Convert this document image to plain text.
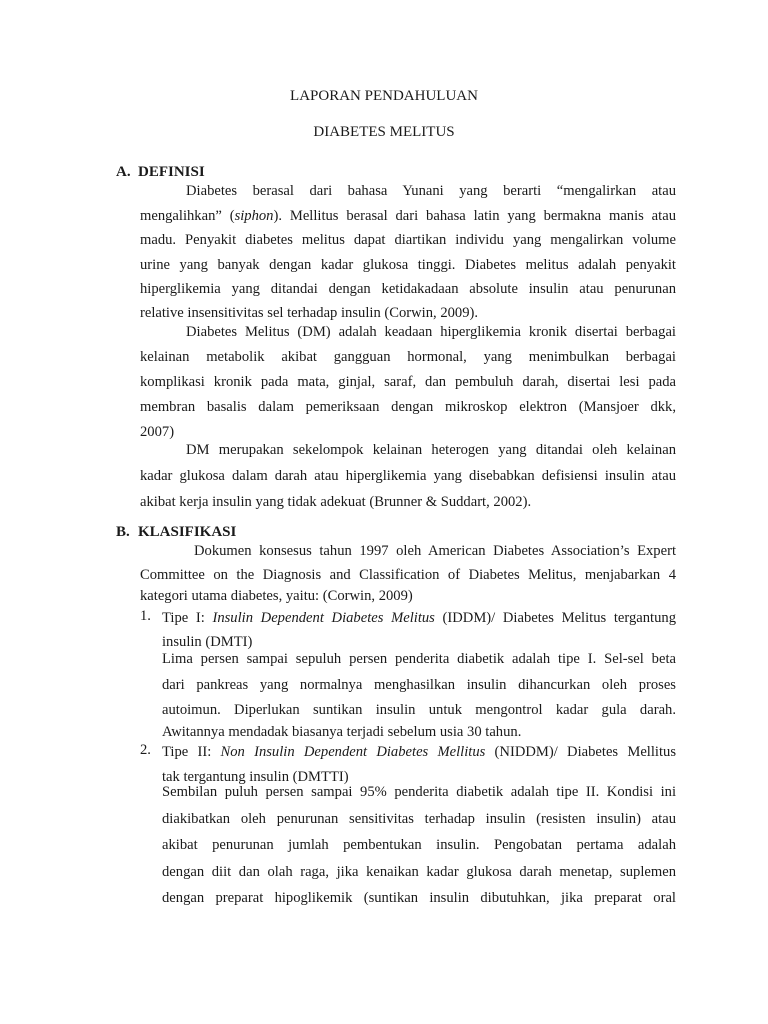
LAPORAN PENDAHULUAN
DIABETES MELITUS
A. DEFINISI
Diabetes berasal dari bahasa Yunani yang berarti “mengalirkan atau
mengalihkan” (siphon). Mellitus berasal dari bahasa latin yang bermakna manis atau
madu. Penyakit diabetes melitus dapat diartikan individu yang mengalirkan volume
urine yang banyak dengan kadar glukosa tinggi. Diabetes melitus adalah penyakit
hiperglikemia yang ditandai dengan ketidakadaan absolute insulin atau penurunan
relative insensitivitas sel terhadap insulin (Corwin, 2009).
Diabetes Melitus (DM) adalah keadaan hiperglikemia kronik disertai berbagai
kelainan metabolik akibat gangguan hormonal, yang menimbulkan berbagai
komplikasi kronik pada mata, ginjal, saraf, dan pembuluh darah, disertai lesi pada
membran basalis dalam pemeriksaan dengan mikroskop elektron (Mansjoer dkk,
2007)
DM merupakan sekelompok kelainan heterogen yang ditandai oleh kelainan
kadar glukosa dalam darah atau hiperglikemia yang disebabkan defisiensi insulin atau
akibat kerja insulin yang tidak adekuat (Brunner & Suddart, 2002).
B. KLASIFIKASI
Dokumen konsesus tahun 1997 oleh American Diabetes Association’s Expert
Committee on the Diagnosis and Classification of Diabetes Melitus, menjabarkan 4
kategori utama diabetes, yaitu: (Corwin, 2009)
1. Tipe I: Insulin Dependent Diabetes Melitus (IDDM)/ Diabetes Melitus tergantung
insulin (DMTI)
Lima persen sampai sepuluh persen penderita diabetik adalah tipe I. Sel-sel beta
dari pankreas yang normalnya menghasilkan insulin dihancurkan oleh proses
autoimun. Diperlukan suntikan insulin untuk mengontrol kadar gula darah.
Awitannya mendadak biasanya terjadi sebelum usia 30 tahun.
2. Tipe II: Non Insulin Dependent Diabetes Mellitus (NIDDM)/ Diabetes Mellitus
tak tergantung insulin (DMTTI)
Sembilan puluh persen sampai 95% penderita diabetik adalah tipe II. Kondisi ini
diakibatkan oleh penurunan sensitivitas terhadap insulin (resisten insulin) atau
akibat penurunan jumlah pembentukan insulin. Pengobatan pertama adalah
dengan diit dan olah raga, jika kenaikan kadar glukosa darah menetap, suplemen
dengan preparat hipoglikemik (suntikan insulin dibutuhkan, jika preparat oral
